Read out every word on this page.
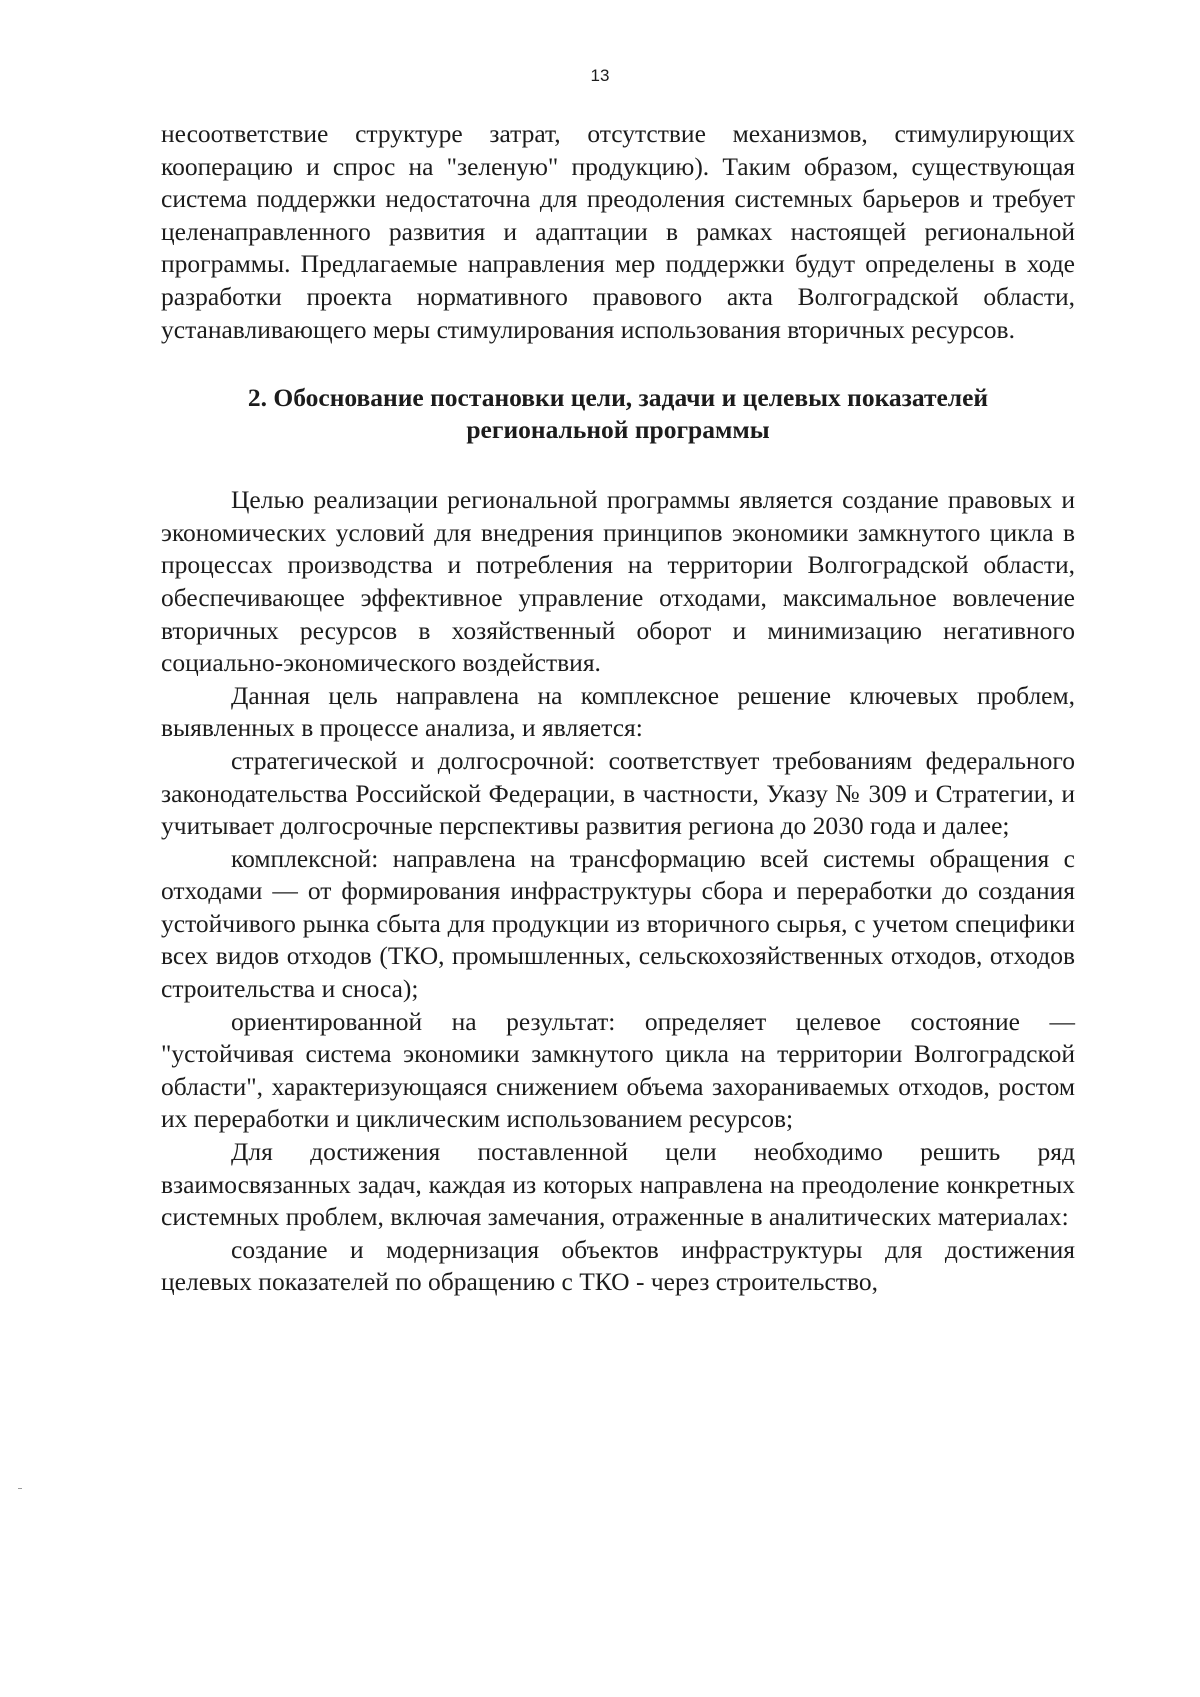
13

несоответствие структуре затрат, отсутствие механизмов, стимулирующих кооперацию и спрос на "зеленую" продукцию). Таким образом, существующая система поддержки недостаточна для преодоления системных барьеров и требует целенаправленного развития и адаптации в рамках настоящей региональной программы. Предлагаемые направления мер поддержки будут определены в ходе разработки проекта нормативного правового акта Волгоградской области, устанавливающего меры стимулирования использования вторичных ресурсов.

2. Обоснование постановки цели, задачи и целевых показателей
региональной программы

Целью реализации региональной программы является создание правовых и экономических условий для внедрения принципов экономики замкнутого цикла в процессах производства и потребления на территории Волгоградской области, обеспечивающее эффективное управление отходами, максимальное вовлечение вторичных ресурсов в хозяйственный оборот и минимизацию негативного социально-экономического воздействия.

Данная цель направлена на комплексное решение ключевых проблем, выявленных в процессе анализа, и является:

стратегической и долгосрочной: соответствует требованиям федерального законодательства Российской Федерации, в частности, Указу № 309 и Стратегии, и учитывает долгосрочные перспективы развития региона до 2030 года и далее;

комплексной: направлена на трансформацию всей системы обращения с отходами — от формирования инфраструктуры сбора и переработки до создания устойчивого рынка сбыта для продукции из вторичного сырья, с учетом специфики всех видов отходов (ТКО, промышленных, сельскохозяйственных отходов, отходов строительства и сноса);

ориентированной на результат: определяет целевое состояние — "устойчивая система экономики замкнутого цикла на территории Волгоградской области", характеризующаяся снижением объема захораниваемых отходов, ростом их переработки и циклическим использованием ресурсов;

Для достижения поставленной цели необходимо решить ряд взаимосвязанных задач, каждая из которых направлена на преодоление конкретных системных проблем, включая замечания, отраженные в аналитических материалах:

создание и модернизация объектов инфраструктуры для достижения целевых показателей по обращению с ТКО - через строительство,
